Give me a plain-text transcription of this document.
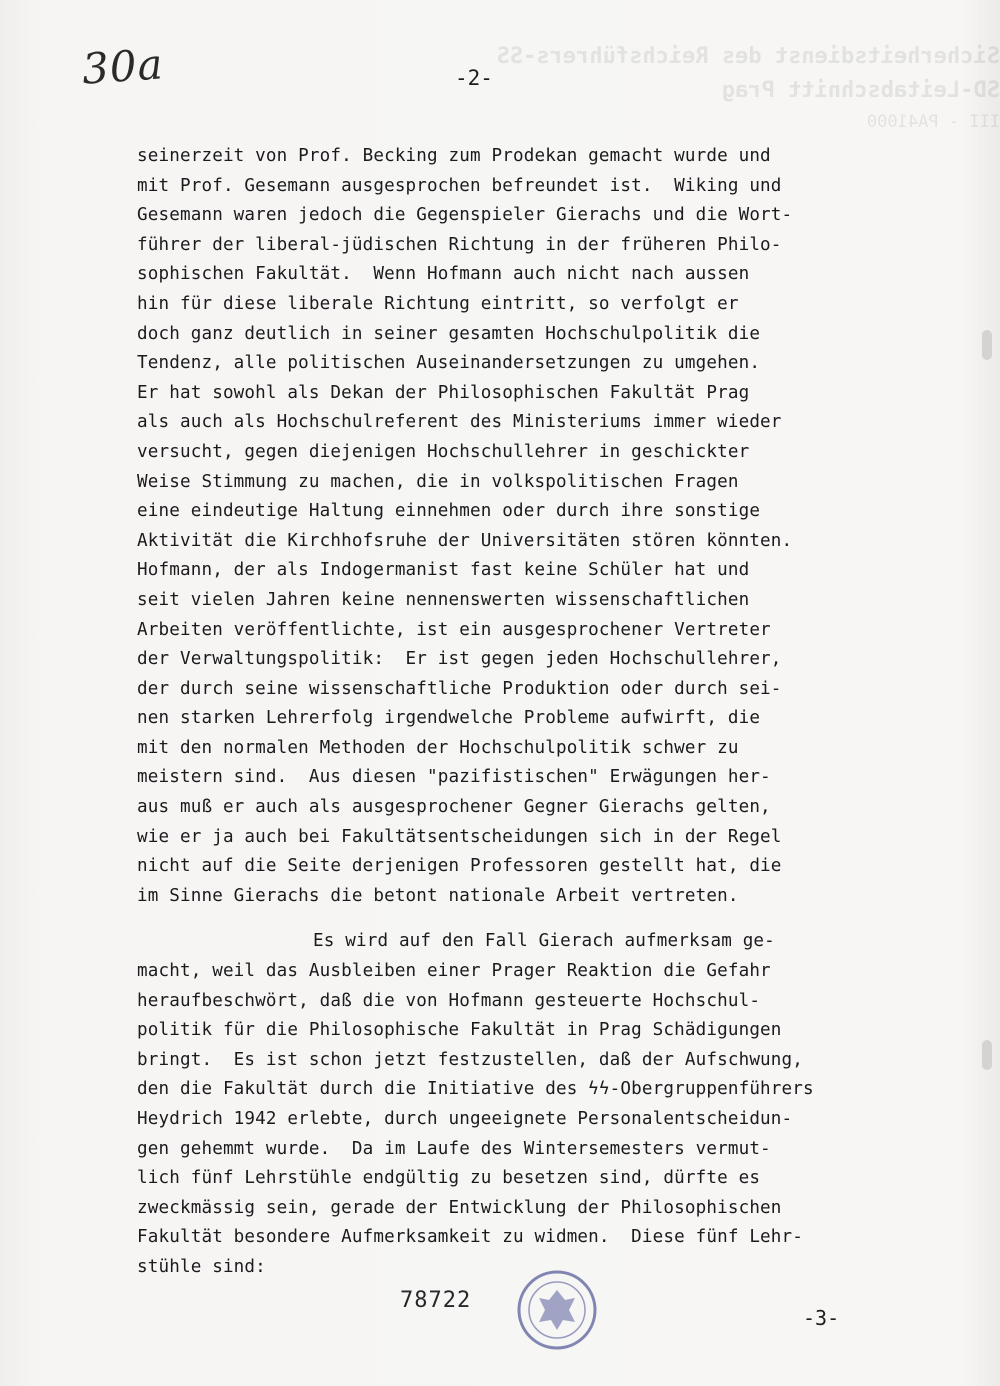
Sicherheitsdienst des Reichsführers-SS
SD-Leitabschnitt Prag
III - PA41000

30a	-2-
seinerzeit von Prof. Becking zum Prodekan gemacht wurde und
mit Prof. Gesemann ausgesprochen befreundet ist.  Wiking und
Gesemann waren jedoch die Gegenspieler Gierachs und die Wort-
führer der liberal-jüdischen Richtung in der früheren Philo-
sophischen Fakultät.  Wenn Hofmann auch nicht nach aussen
hin für diese liberale Richtung eintritt, so verfolgt er
doch ganz deutlich in seiner gesamten Hochschulpolitik die
Tendenz, alle politischen Auseinandersetzungen zu umgehen.
Er hat sowohl als Dekan der Philosophischen Fakultät Prag
als auch als Hochschulreferent des Ministeriums immer wieder
versucht, gegen diejenigen Hochschullehrer in geschickter
Weise Stimmung zu machen, die in volkspolitischen Fragen
eine eindeutige Haltung einnehmen oder durch ihre sonstige
Aktivität die Kirchhofsruhe der Universitäten stören könnten.
Hofmann, der als Indogermanist fast keine Schüler hat und
seit vielen Jahren keine nennenswerten wissenschaftlichen
Arbeiten veröffentlichte, ist ein ausgesprochener Vertreter
der Verwaltungspolitik:  Er ist gegen jeden Hochschullehrer,
der durch seine wissenschaftliche Produktion oder durch sei-
nen starken Lehrerfolg irgendwelche Probleme aufwirft, die
mit den normalen Methoden der Hochschulpolitik schwer zu
meistern sind.  Aus diesen "pazifistischen" Erwägungen her-
aus muß er auch als ausgesprochener Gegner Gierachs gelten,
wie er ja auch bei Fakultätsentscheidungen sich in der Regel
nicht auf die Seite derjenigen Professoren gestellt hat, die
im Sinne Gierachs die betont nationale Arbeit vertreten.
Es wird auf den Fall Gierach aufmerksam ge-
macht, weil das Ausbleiben einer Prager Reaktion die Gefahr
heraufbeschwört, daß die von Hofmann gesteuerte Hochschul-
politik für die Philosophische Fakultät in Prag Schädigungen
bringt.  Es ist schon jetzt festzustellen, daß der Aufschwung,
den die Fakultät durch die Initiative des ϟϟ-Obergruppenführers
Heydrich 1942 erlebte, durch ungeeignete Personalentscheidun-
gen gehemmt wurde.  Da im Laufe des Wintersemesters vermut-
lich fünf Lehrstühle endgültig zu besetzen sind, dürfte es
zweckmässig sein, gerade der Entwicklung der Philosophischen
Fakultät besondere Aufmerksamkeit zu widmen.  Diese fünf Lehr-
stühle sind:
78722
-3-
